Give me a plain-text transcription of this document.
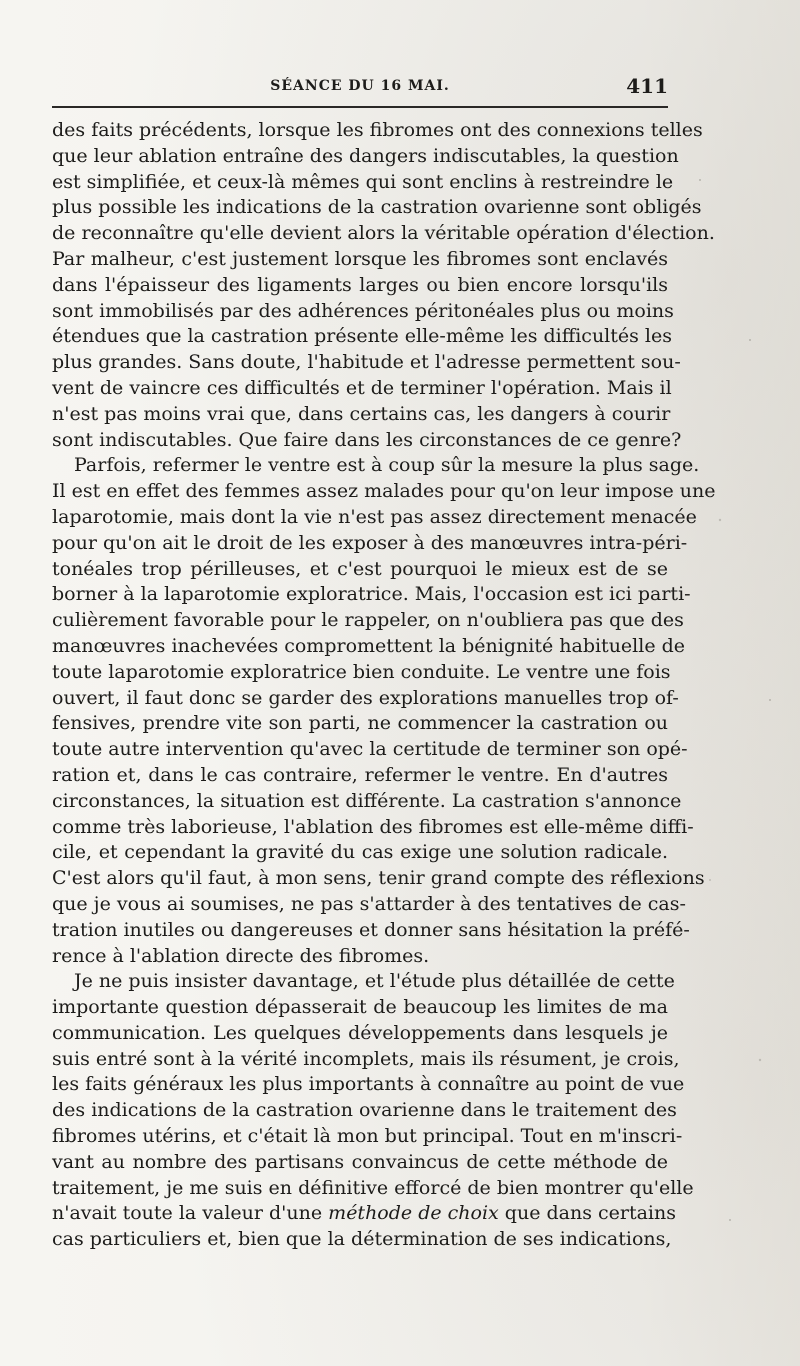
SÉANCE DU 16 MAI.	411
des faits précédents, lorsque les fibromes ont des connexions telles
que leur ablation entraîne des dangers indiscutables, la question
est simplifiée, et ceux-là mêmes qui sont enclins à restreindre le
plus possible les indications de la castration ovarienne sont obligés
de reconnaître qu'elle devient alors la véritable opération d'élection.
Par malheur, c'est justement lorsque les fibromes sont enclavés
dans l'épaisseur des ligaments larges ou bien encore lorsqu'ils
sont immobilisés par des adhérences péritonéales plus ou moins
étendues que la castration présente elle-même les difficultés les
plus grandes. Sans doute, l'habitude et l'adresse permettent sou-
vent de vaincre ces difficultés et de terminer l'opération. Mais il
n'est pas moins vrai que, dans certains cas, les dangers à courir
sont indiscutables. Que faire dans les circonstances de ce genre?
Parfois, refermer le ventre est à coup sûr la mesure la plus sage.
Il est en effet des femmes assez malades pour qu'on leur impose une
laparotomie, mais dont la vie n'est pas assez directement menacée
pour qu'on ait le droit de les exposer à des manœuvres intra-péri-
tonéales trop périlleuses, et c'est pourquoi le mieux est de se
borner à la laparotomie exploratrice. Mais, l'occasion est ici parti-
culièrement favorable pour le rappeler, on n'oubliera pas que des
manœuvres inachevées compromettent la bénignité habituelle de
toute laparotomie exploratrice bien conduite. Le ventre une fois
ouvert, il faut donc se garder des explorations manuelles trop of-
fensives, prendre vite son parti, ne commencer la castration ou
toute autre intervention qu'avec la certitude de terminer son opé-
ration et, dans le cas contraire, refermer le ventre. En d'autres
circonstances, la situation est différente. La castration s'annonce
comme très laborieuse, l'ablation des fibromes est elle-même diffi-
cile, et cependant la gravité du cas exige une solution radicale.
C'est alors qu'il faut, à mon sens, tenir grand compte des réflexions
que je vous ai soumises, ne pas s'attarder à des tentatives de cas-
tration inutiles ou dangereuses et donner sans hésitation la préfé-
rence à l'ablation directe des fibromes.
Je ne puis insister davantage, et l'étude plus détaillée de cette
importante question dépasserait de beaucoup les limites de ma
communication. Les quelques développements dans lesquels je
suis entré sont à la vérité incomplets, mais ils résument, je crois,
les faits généraux les plus importants à connaître au point de vue
des indications de la castration ovarienne dans le traitement des
fibromes utérins, et c'était là mon but principal. Tout en m'inscri-
vant au nombre des partisans convaincus de cette méthode de
traitement, je me suis en définitive efforcé de bien montrer qu'elle
n'avait toute la valeur d'une méthode de choix que dans certains
cas particuliers et, bien que la détermination de ses indications,
